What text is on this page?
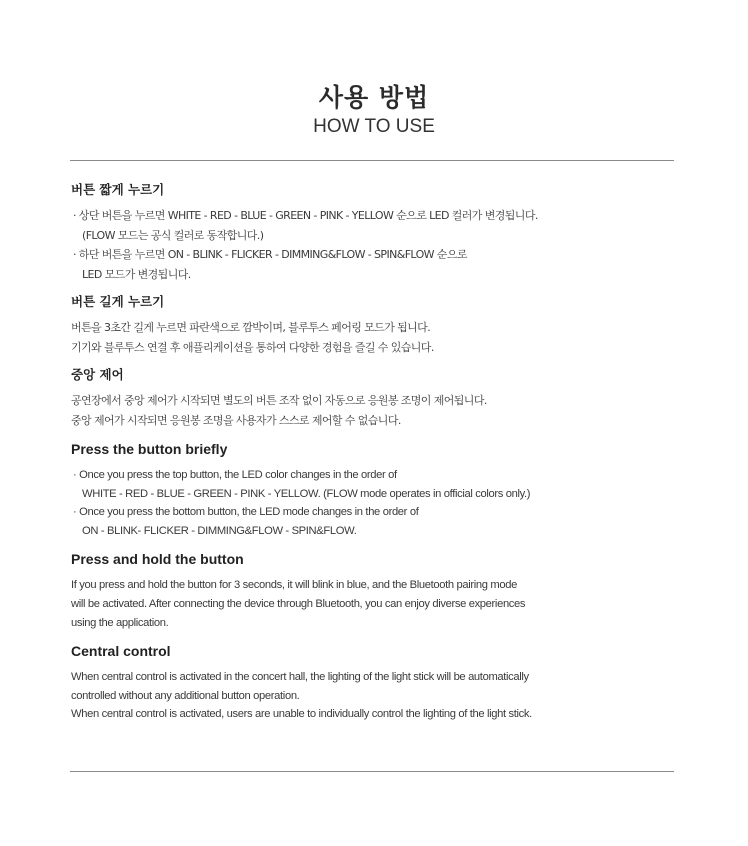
사용 방법
HOW TO USE
버튼 짧게 누르기

· 상단 버튼을 누르면 WHITE - RED - BLUE - GREEN - PINK - YELLOW 순으로 LED 컬러가 변경됩니다.

(FLOW 모드는 공식 컬러로 동작합니다.)

· 하단 버튼을 누르면 ON - BLINK - FLICKER - DIMMING&FLOW - SPIN&FLOW 순으로

LED 모드가 변경됩니다.

버튼 길게 누르기

버튼을 3초간 길게 누르면 파란색으로 깜박이며, 블루투스 페어링 모드가 됩니다.

기기와 블루투스 연결 후 애플리케이션을 통하여 다양한 경험을 즐길 수 있습니다.

중앙 제어

공연장에서 중앙 제어가 시작되면 별도의 버튼 조작 없이 자동으로 응원봉 조명이 제어됩니다.

중앙 제어가 시작되면 응원봉 조명을 사용자가 스스로 제어할 수 없습니다.

Press the button briefly

· Once you press the top button, the LED color changes in the order of

WHITE - RED - BLUE - GREEN - PINK - YELLOW. (FLOW mode operates in official colors only.)

· Once you press the bottom button, the LED mode changes in the order of

ON - BLINK- FLICKER - DIMMING&FLOW - SPIN&FLOW.

Press and hold the button

If you press and hold the button for 3 seconds, it will blink in blue, and the Bluetooth pairing mode

will be activated. After connecting the device through Bluetooth, you can enjoy diverse experiences

using the application.

Central control

When central control is activated in the concert hall, the lighting of the light stick will be automatically

controlled without any additional button operation.

When central control is activated, users are unable to individually control the lighting of the light stick.
